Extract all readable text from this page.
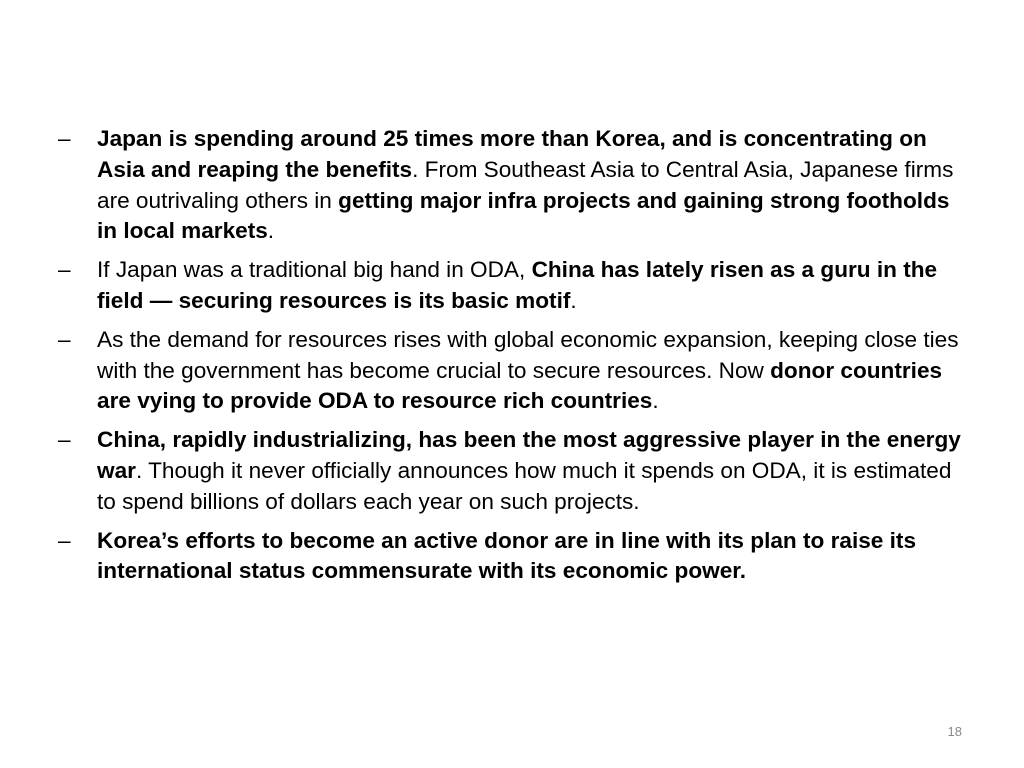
– Japan is spending around 25 times more than Korea, and is concentrating on Asia and reaping the benefits. From Southeast Asia to Central Asia, Japanese firms are outrivaling others in getting major infra projects and gaining strong footholds in local markets.
– If Japan was a traditional big hand in ODA, China has lately risen as a guru in the field — securing resources is its basic motif.
– As the demand for resources rises with global economic expansion, keeping close ties with the government has become crucial to secure resources. Now donor countries are vying to provide ODA to resource rich countries.
– China, rapidly industrializing, has been the most aggressive player in the energy war. Though it never officially announces how much it spends on ODA, it is estimated to spend billions of dollars each year on such projects.
– Korea’s efforts to become an active donor are in line with its plan to raise its international status commensurate with its economic power.
18
